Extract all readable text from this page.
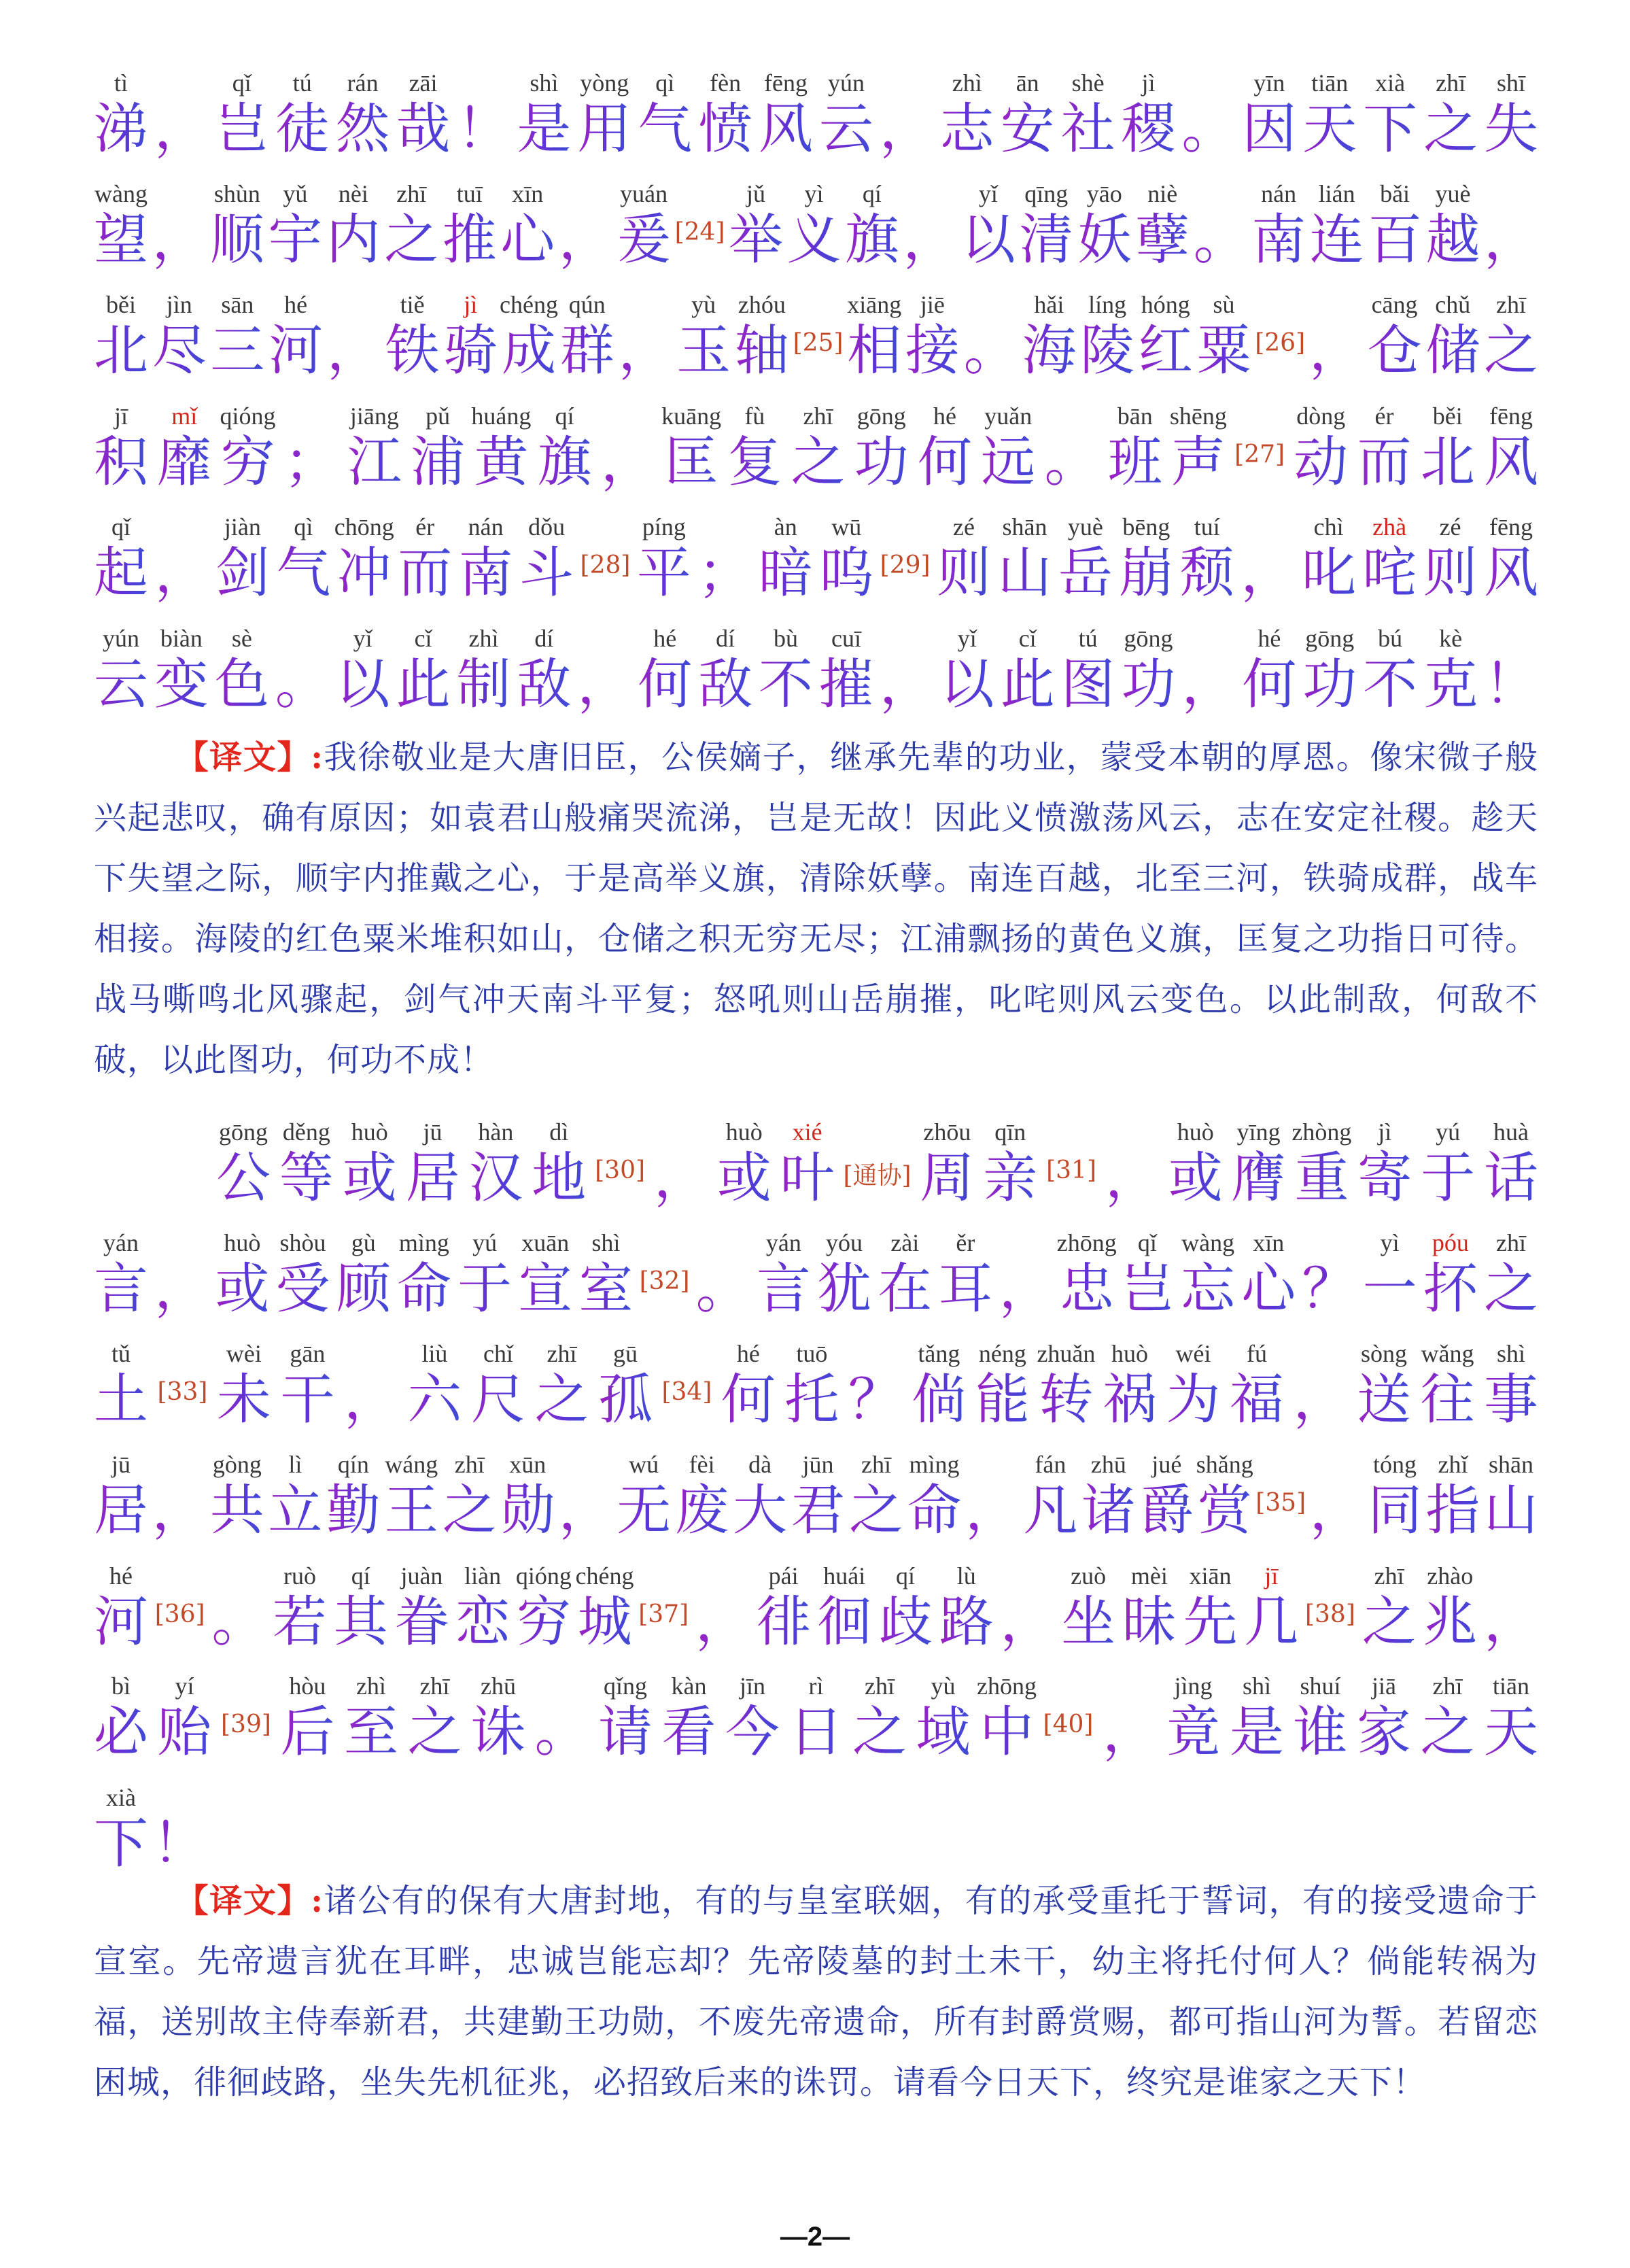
tì
涕 ，
qǐ
岂
tú
徒
rán
然
zāi
哉 ！
shì
是
yòng
用
qì
气
fèn
愤
fēng
风
yún
云 ，
zhì
志
ān
安
shè
社
jì
稷 。
yīn
因
tiān
天
xià
下
zhī
之
shī
失
wàng
望 ，
shùn
顺
yǔ
宇
nèi
内
zhī
之
tuī
推
xīn
心 ，
yuán
爰 [24]
jǔ
举
yì
义
qí
旗 ，
yǐ
以
qīng
清
yāo
妖
niè
孽 。
nán
南
lián
连
bǎi
百
yuè
越 ，
běi
北
jìn
尽
sān
三
hé
河 ，
tiě
铁
jì
骑
chéng
成
qún
群 ，
yù
玉
zhóu
轴 [25]
xiāng
相
jiē
接 。
hǎi
海
líng
陵
hóng
红
sù
粟 [26] ，
cāng
仓
chǔ
储
zhī
之
jī
积
mǐ
靡
qióng
穷 ；
jiāng
江
pǔ
浦
huáng
黄
qí
旗 ，
kuāng
匡
fù
复
zhī
之
gōng
功
hé
何
yuǎn
远 。
bān
班
shēng
声 [27]
dòng
动
ér
而
běi
北
fēng
风
qǐ
起 ，
jiàn
剑
qì
气
chōng
冲
ér
而
nán
南
dǒu
斗 [28]
píng
平 ；
àn
暗
wū
呜 [29]
zé
则
shān
山
yuè
岳
bēng
崩
tuí
颓 ，
chì
叱
zhà
咤
zé
则
fēng
风
yún
云
biàn
变
sè
色 。
yǐ
以
cǐ
此
zhì
制
dí
敌 ，
hé
何
dí
敌
bù
不
cuī
摧 ，
yǐ
以
cǐ
此
tú
图
gōng
功 ，
hé
何
gōng
功
bú
不
kè
克 ！
【译文】:我徐敬业是大唐旧臣，公侯嫡子，继承先辈的功业，蒙受本朝的厚恩。像宋微子般兴起悲叹，确有原因；如袁君山般痛哭流涕，岂是无故！因此义愤激荡风云，志在安定社稷。趁天下失望之际，顺宇内推戴之心，于是高举义旗，清除妖孽。南连百越，北至三河，铁骑成群，战车相接。海陵的红色粟米堆积如山，仓储之积无穷无尽；江浦飘扬的黄色义旗，匡复之功指日可待。战马嘶鸣北风骤起，剑气冲天南斗平复；怒吼则山岳崩摧，叱咤则风云变色。以此制敌，何敌不破，以此图功，何功不成！
gōng
公
děng
等
huò
或
jū
居
hàn
汉
dì
地 [30] ，
huò
或
xié
叶 [通协]
zhōu
周
qīn
亲 [31] ，
huò
或
yīng
膺
zhòng
重
jì
寄
yú
于
huà
话
yán
言 ，
huò
或
shòu
受
gù
顾
mìng
命
yú
于
xuān
宣
shì
室 [32] 。
yán
言
yóu
犹
zài
在
ěr
耳 ，
zhōng
忠
qǐ
岂
wàng
忘
xīn
心 ？
yì
一
póu
抔
zhī
之
tǔ
土 [33]
wèi
未
gān
干 ，
liù
六
chǐ
尺
zhī
之
gū
孤 [34]
hé
何
tuō
托 ？
tǎng
倘
néng
能
zhuǎn
转
huò
祸
wéi
为
fú
福 ，
sòng
送
wǎng
往
shì
事
jū
居 ，
gòng
共
lì
立
qín
勤
wáng
王
zhī
之
xūn
勋 ，
wú
无
fèi
废
dà
大
jūn
君
zhī
之
mìng
命 ，
fán
凡
zhū
诸
jué
爵
shǎng
赏 [35] ，
tóng
同
zhǐ
指
shān
山
hé
河 [36] 。
ruò
若
qí
其
juàn
眷
liàn
恋
qióng
穷
chéng
城 [37] ，
pái
徘
huái
徊
qí
歧
lù
路 ，
zuò
坐
mèi
昧
xiān
先
jī
几 [38]
zhī
之
zhào
兆 ，
bì
必
yí
贻 [39]
hòu
后
zhì
至
zhī
之
zhū
诛 。
qǐng
请
kàn
看
jīn
今
rì
日
zhī
之
yù
域
zhōng
中 [40] ，
jìng
竟
shì
是
shuí
谁
jiā
家
zhī
之
tiān
天
xià
下 ！
【译文】:诸公有的保有大唐封地，有的与皇室联姻，有的承受重托于誓词，有的接受遗命于宣室。先帝遗言犹在耳畔，忠诚岂能忘却？先帝陵墓的封土未干，幼主将托付何人？倘能转祸为福，送别故主侍奉新君，共建勤王功勋，不废先帝遗命，所有封爵赏赐，都可指山河为誓。若留恋困城，徘徊歧路，坐失先机征兆，必招致后来的诛罚。请看今日天下，终究是谁家之天下！
—2—
